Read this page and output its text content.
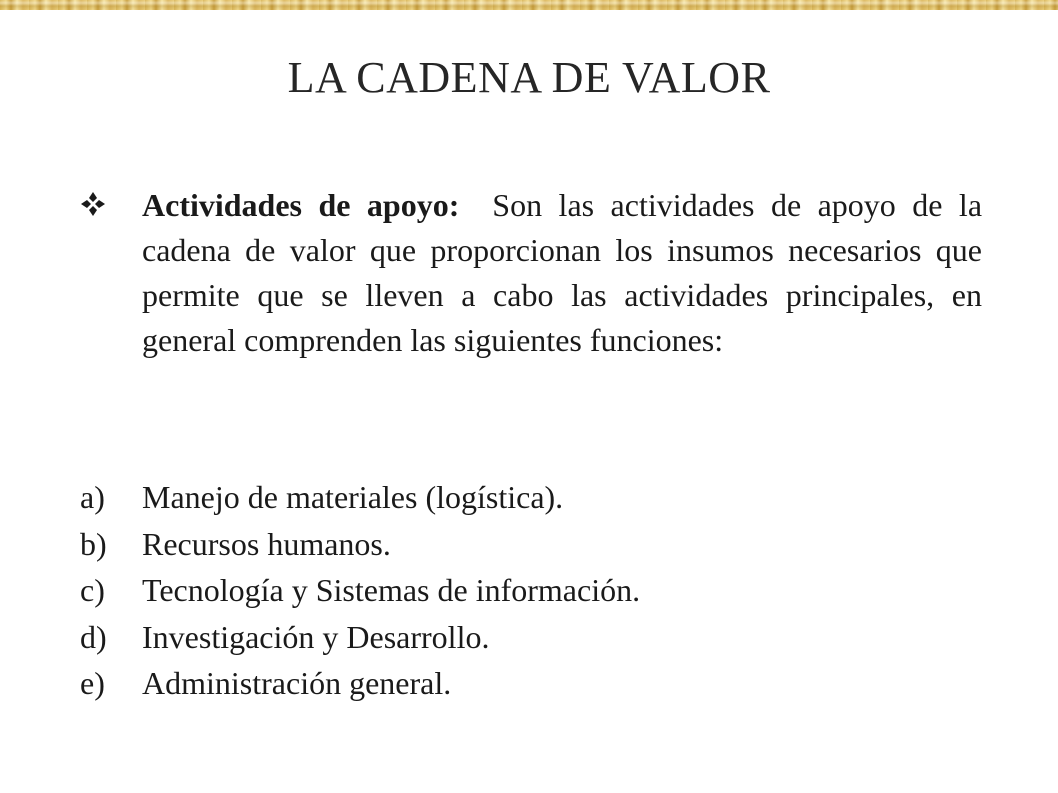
LA CADENA DE VALOR
Actividades de apoyo: Son las actividades de apoyo de la cadena de valor que proporcionan los insumos necesarios que permite que se lleven a cabo las actividades principales, en general comprenden las siguientes funciones:
a) Manejo de materiales (logística).
b) Recursos humanos.
c) Tecnología y Sistemas de información.
d) Investigación y Desarrollo.
e) Administración general.
